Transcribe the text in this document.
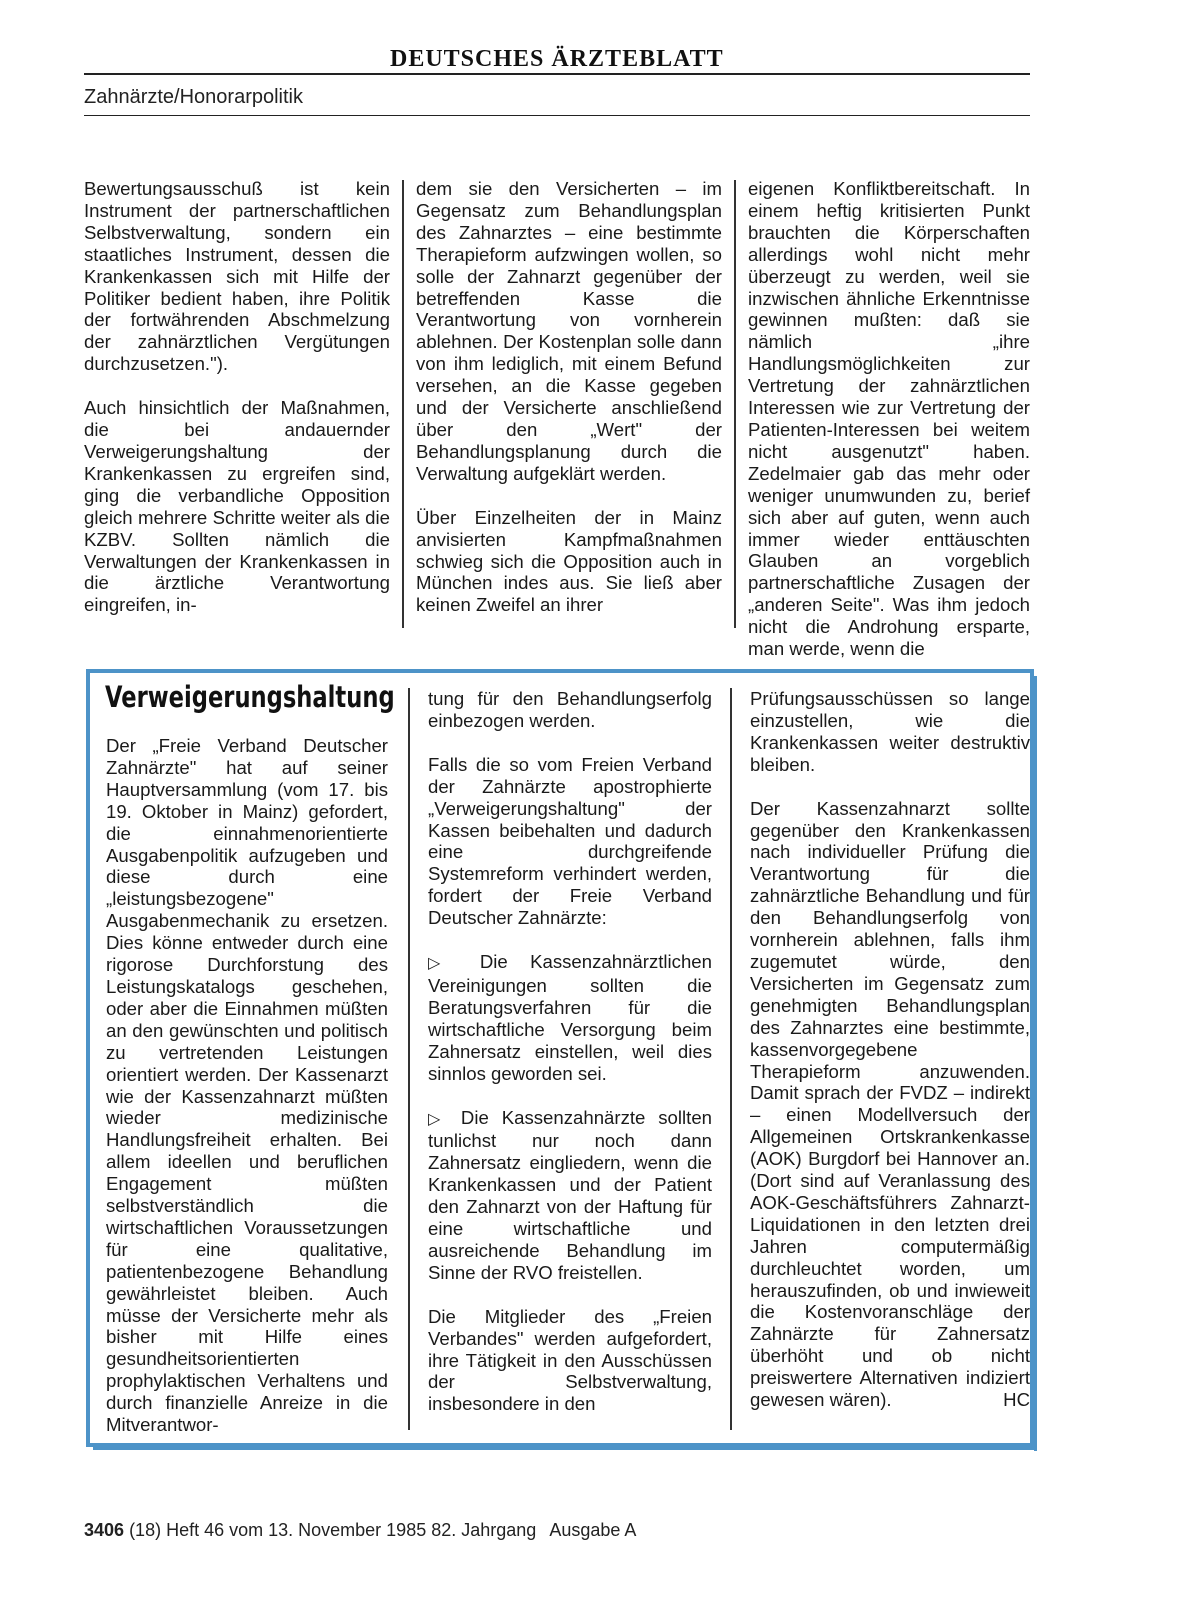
DEUTSCHES ÄRZTEBLATT
Zahnärzte/Honorarpolitik

Bewertungsausschuß ist kein Instrument der partnerschaftlichen Selbstverwaltung, sondern ein staatliches Instrument, dessen die Krankenkassen sich mit Hilfe der Politiker bedient haben, ihre Politik der fortwährenden Abschmelzung der zahnärztlichen Vergütungen durchzusetzen.").

Auch hinsichtlich der Maßnahmen, die bei andauernder Verweigerungshaltung der Krankenkassen zu ergreifen sind, ging die verbandliche Opposition gleich mehrere Schritte weiter als die KZBV. Sollten nämlich die Verwaltungen der Krankenkassen in die ärztliche Verantwortung eingreifen, in-

dem sie den Versicherten – im Gegensatz zum Behandlungsplan des Zahnarztes – eine bestimmte Therapieform aufzwingen wollen, so solle der Zahnarzt gegenüber der betreffenden Kasse die Verantwortung von vornherein ablehnen. Der Kostenplan solle dann von ihm lediglich, mit einem Befund versehen, an die Kasse gegeben und der Versicherte anschließend über den „Wert" der Behandlungsplanung durch die Verwaltung aufgeklärt werden.

Über Einzelheiten der in Mainz anvisierten Kampfmaßnahmen schwieg sich die Opposition auch in München indes aus. Sie ließ aber keinen Zweifel an ihrer

eigenen Konfliktbereitschaft. In einem heftig kritisierten Punkt brauchten die Körperschaften allerdings wohl nicht mehr überzeugt zu werden, weil sie inzwischen ähnliche Erkenntnisse gewinnen mußten: daß sie nämlich „ihre Handlungsmöglichkeiten zur Vertretung der zahnärztlichen Interessen wie zur Vertretung der Patienten-Interessen bei weitem nicht ausgenutzt" haben. Zedelmaier gab das mehr oder weniger unumwunden zu, berief sich aber auf guten, wenn auch immer wieder enttäuschten Glauben an vorgeblich partnerschaftliche Zusagen der „anderen Seite". Was ihm jedoch nicht die Androhung ersparte, man werde, wenn die

Verweigerungshaltung

Der „Freie Verband Deutscher Zahnärzte" hat auf seiner Hauptversammlung (vom 17. bis 19. Oktober in Mainz) gefordert, die einnahmenorientierte Ausgabenpolitik aufzugeben und diese durch eine „leistungsbezogene" Ausgabenmechanik zu ersetzen. Dies könne entweder durch eine rigorose Durchforstung des Leistungskatalogs geschehen, oder aber die Einnahmen müßten an den gewünschten und politisch zu vertretenden Leistungen orientiert werden. Der Kassenarzt wie der Kassenzahnarzt müßten wieder medizinische Handlungsfreiheit erhalten. Bei allem ideellen und beruflichen Engagement müßten selbstverständlich die wirtschaftlichen Voraussetzungen für eine qualitative, patientenbezogene Behandlung gewährleistet bleiben. Auch müsse der Versicherte mehr als bisher mit Hilfe eines gesundheitsorientierten prophylaktischen Verhaltens und durch finanzielle Anreize in die Mitverantwor-

tung für den Behandlungserfolg einbezogen werden.

Falls die so vom Freien Verband der Zahnärzte apostrophierte „Verweigerungshaltung" der Kassen beibehalten und dadurch eine durchgreifende Systemreform verhindert werden, fordert der Freie Verband Deutscher Zahnärzte:

▷ Die Kassenzahnärztlichen Vereinigungen sollten die Beratungsverfahren für die wirtschaftliche Versorgung beim Zahnersatz einstellen, weil dies sinnlos geworden sei.

▷ Die Kassenzahnärzte sollten tunlichst nur noch dann Zahnersatz eingliedern, wenn die Krankenkassen und der Patient den Zahnarzt von der Haftung für eine wirtschaftliche und ausreichende Behandlung im Sinne der RVO freistellen.

Die Mitglieder des „Freien Verbandes" werden aufgefordert, ihre Tätigkeit in den Ausschüssen der Selbstverwaltung, insbesondere in den

Prüfungsausschüssen so lange einzustellen, wie die Krankenkassen weiter destruktiv bleiben.

Der Kassenzahnarzt sollte gegenüber den Krankenkassen nach individueller Prüfung die Verantwortung für die zahnärztliche Behandlung und für den Behandlungserfolg von vornherein ablehnen, falls ihm zugemutet würde, den Versicherten im Gegensatz zum genehmigten Behandlungsplan des Zahnarztes eine bestimmte, kassenvorgegebene Therapieform anzuwenden. Damit sprach der FVDZ – indirekt – einen Modellversuch der Allgemeinen Ortskrankenkasse (AOK) Burgdorf bei Hannover an. (Dort sind auf Veranlassung des AOK-Geschäftsführers Zahnarzt-Liquidationen in den letzten drei Jahren computermäßig durchleuchtet worden, um herauszufinden, ob und inwieweit die Kostenvoranschläge der Zahnärzte für Zahnersatz überhöht und ob nicht preiswertere Alternativen indiziert gewesen wären).	HC

3406 (18) Heft 46 vom 13. November 1985 82. Jahrgang Ausgabe A
